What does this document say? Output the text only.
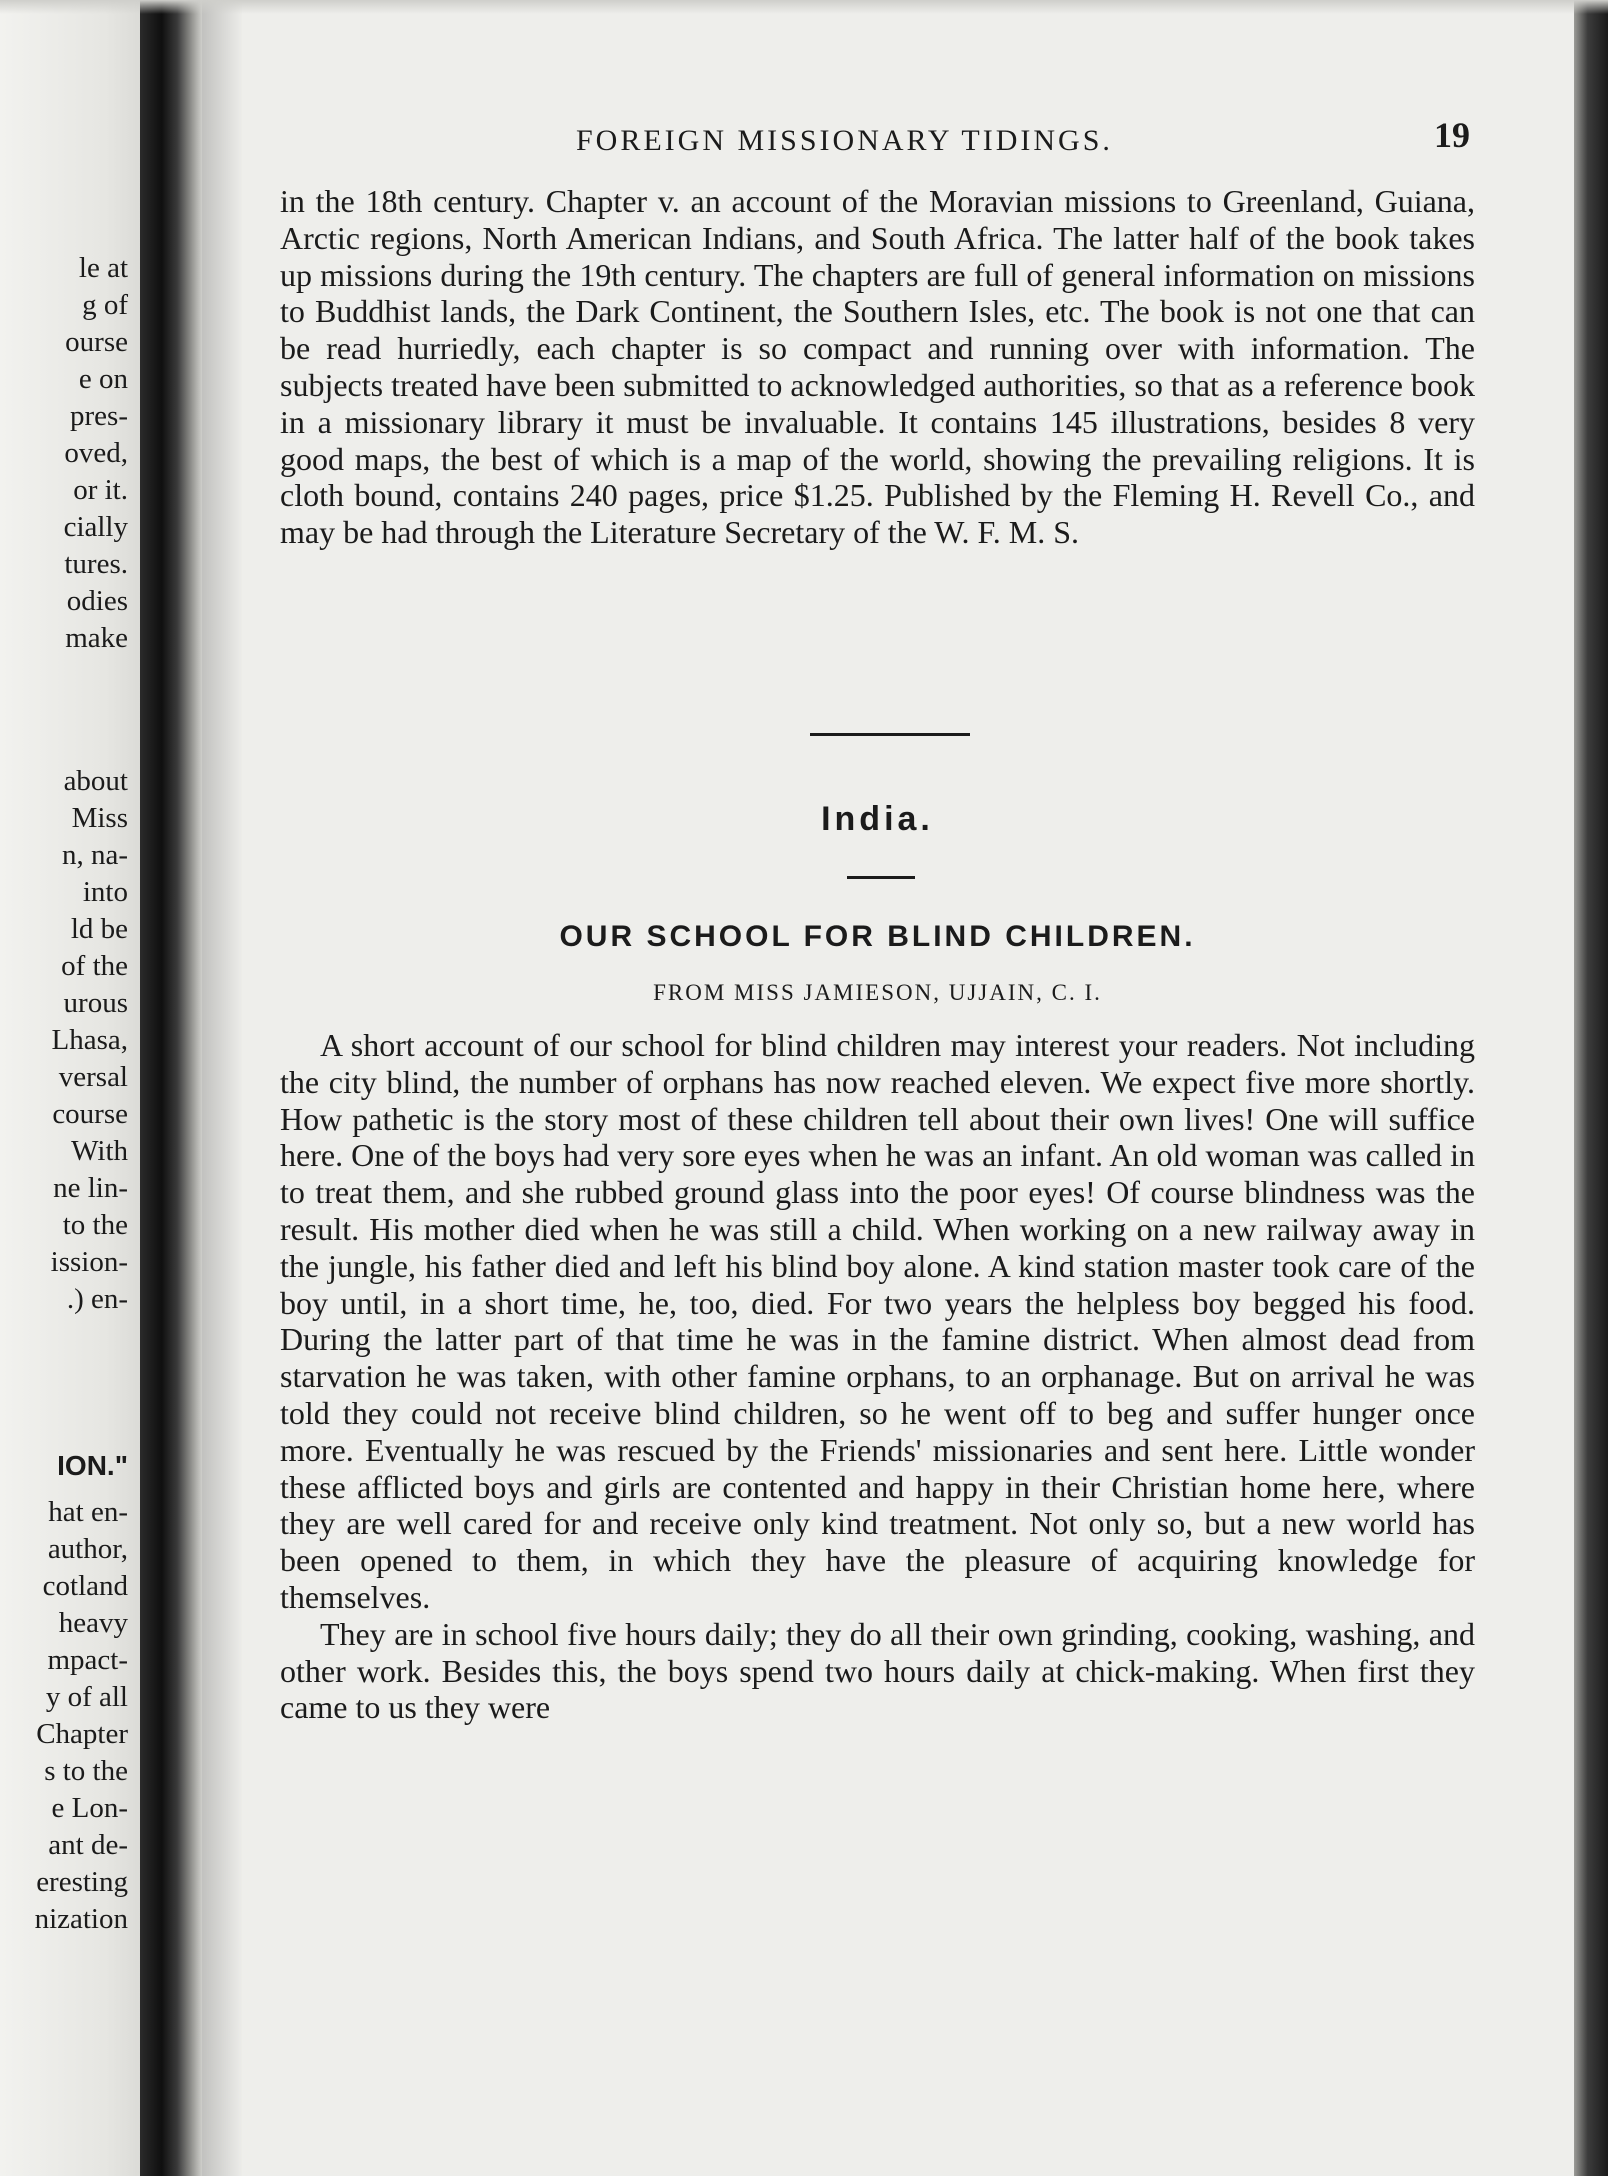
le at
g of
ourse
e on
pres-
oved,
or it.
cially
tures.
odies
make
about
Miss
n, na-
into
ld be
of the
urous
Lhasa,
versal
course
With
ne lin-
to the
ission-
.) en-
ION."
hat en-
author,
cotland
heavy
mpact-
y of all
Chapter
s to the
e Lon-
ant de-
eresting
nization
FOREIGN MISSIONARY TIDINGS.	19

in the 18th century. Chapter v. an account of the Moravian missions to Greenland, Guiana, Arctic regions, North American Indians, and South Africa. The latter half of the book takes up missions during the 19th century. The chapters are full of general information on missions to Buddhist lands, the Dark Continent, the Southern Isles, etc. The book is not one that can be read hurriedly, each chapter is so compact and running over with information. The subjects treated have been submitted to acknowledged authorities, so that as a reference book in a missionary library it must be invaluable. It contains 145 illustrations, besides 8 very good maps, the best of which is a map of the world, showing the prevailing religions. It is cloth bound, contains 240 pages, price $1.25. Published by the Fleming H. Revell Co., and may be had through the Literature Secretary of the W. F. M. S.

India.
OUR SCHOOL FOR BLIND CHILDREN.
FROM MISS JAMIESON, UJJAIN, C. I.

A short account of our school for blind children may interest your readers. Not including the city blind, the number of orphans has now reached eleven. We expect five more shortly. How pathetic is the story most of these children tell about their own lives! One will suffice here. One of the boys had very sore eyes when he was an infant. An old woman was called in to treat them, and she rubbed ground glass into the poor eyes! Of course blindness was the result. His mother died when he was still a child. When working on a new railway away in the jungle, his father died and left his blind boy alone. A kind station master took care of the boy until, in a short time, he, too, died. For two years the helpless boy begged his food. During the latter part of that time he was in the famine district. When almost dead from starvation he was taken, with other famine orphans, to an orphanage. But on arrival he was told they could not receive blind children, so he went off to beg and suffer hunger once more. Eventually he was rescued by the Friends' missionaries and sent here. Little wonder these afflicted boys and girls are contented and happy in their Christian home here, where they are well cared for and receive only kind treatment. Not only so, but a new world has been opened to them, in which they have the pleasure of acquiring knowledge for themselves.

They are in school five hours daily; they do all their own grinding, cooking, washing, and other work. Besides this, the boys spend two hours daily at chick-making. When first they came to us they were
